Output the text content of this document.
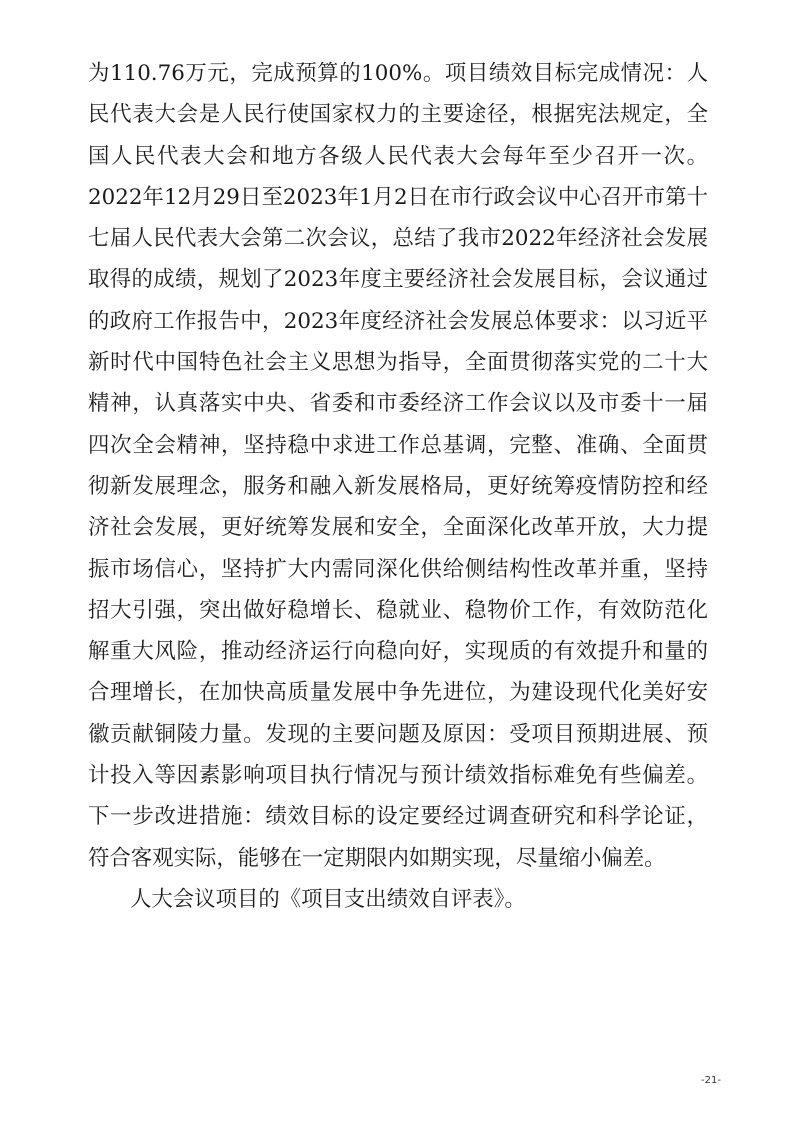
为110.76万元，完成预算的100%。项目绩效目标完成情况：人民代表大会是人民行使国家权力的主要途径，根据宪法规定，全国人民代表大会和地方各级人民代表大会每年至少召开一次。2022年12月29日至2023年1月2日在市行政会议中心召开市第十七届人民代表大会第二次会议，总结了我市2022年经济社会发展取得的成绩，规划了2023年度主要经济社会发展目标，会议通过的政府工作报告中，2023年度经济社会发展总体要求：以习近平新时代中国特色社会主义思想为指导，全面贯彻落实党的二十大精神，认真落实中央、省委和市委经济工作会议以及市委十一届四次全会精神，坚持稳中求进工作总基调，完整、准确、全面贯彻新发展理念，服务和融入新发展格局，更好统筹疫情防控和经济社会发展，更好统筹发展和安全，全面深化改革开放，大力提振市场信心，坚持扩大内需同深化供给侧结构性改革并重，坚持招大引强，突出做好稳增长、稳就业、稳物价工作，有效防范化解重大风险，推动经济运行向稳向好，实现质的有效提升和量的合理增长，在加快高质量发展中争先进位，为建设现代化美好安徽贡献铜陵力量。发现的主要问题及原因：受项目预期进展、预计投入等因素影响项目执行情况与预计绩效指标难免有些偏差。下一步改进措施：绩效目标的设定要经过调查研究和科学论证，符合客观实际，能够在一定期限内如期实现，尽量缩小偏差。

人大会议项目的《项目支出绩效自评表》。

-21-
